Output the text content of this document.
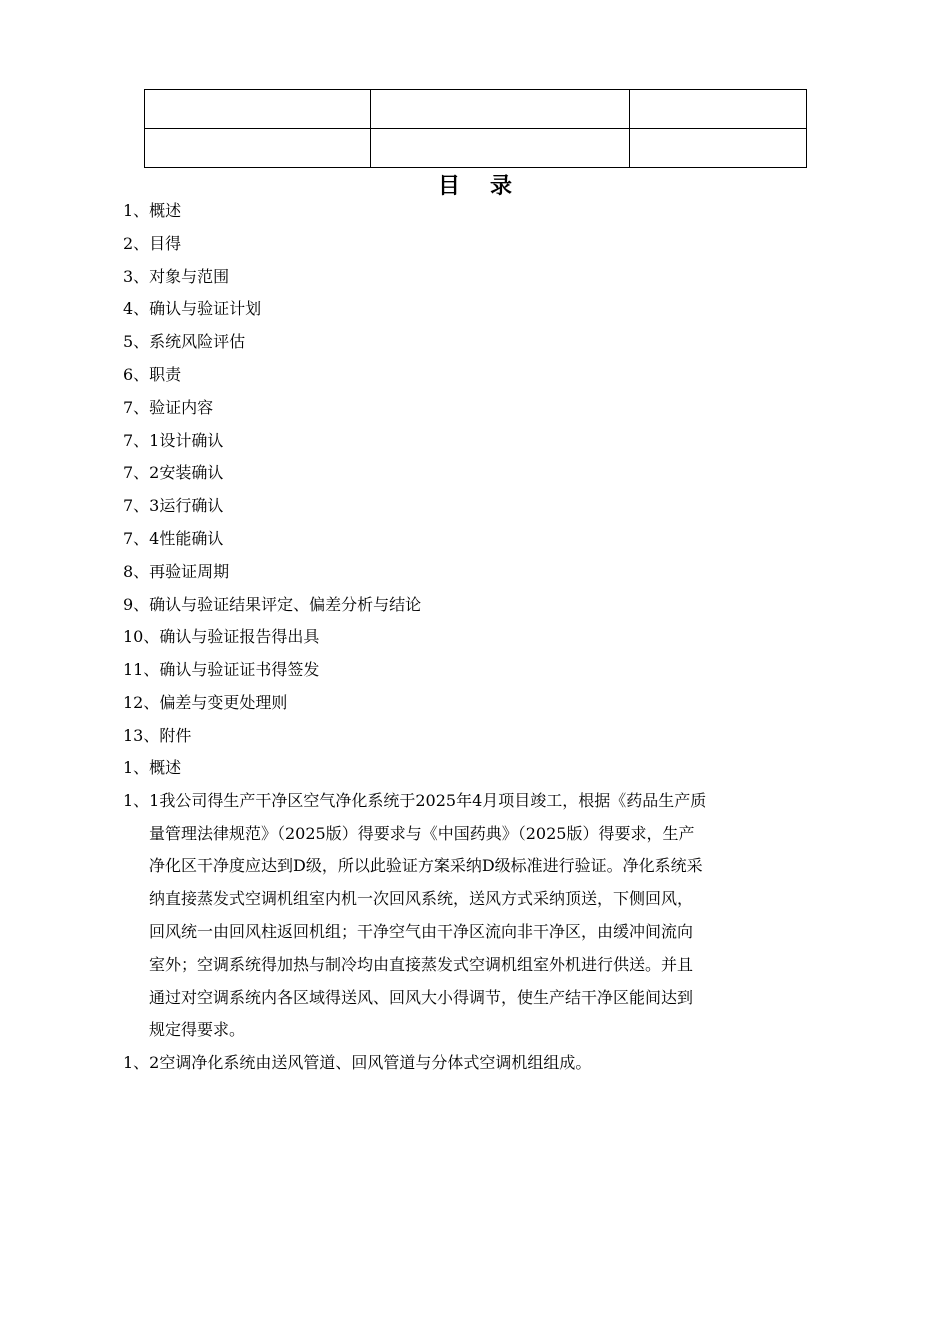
目录
1、概述
2、目得
3、对象与范围
4、确认与验证计划
5、系统风险评估
6、职责
7、验证内容
7、1设计确认
7、2安装确认
7、3运行确认
7、4性能确认
8、再验证周期
9、确认与验证结果评定、偏差分析与结论
10、确认与验证报告得出具
11、确认与验证证书得签发
12、偏差与变更处理则
13、附件
1、概述

1、1我公司得生产干净区空气净化系统于2025年4月项目竣工，根据《药品生产质
量管理法律规范》（2025版）得要求与《中国药典》（2025版）得要求，生产
净化区干净度应达到D级，所以此验证方案采纳D级标准进行验证。净化系统采
纳直接蒸发式空调机组室内机一次回风系统，送风方式采纳顶送，下侧回风，
回风统一由回风柱返回机组；干净空气由干净区流向非干净区，由缓冲间流向
室外；空调系统得加热与制冷均由直接蒸发式空调机组室外机进行供送。并且
通过对空调系统内各区域得送风、回风大小得调节，使生产结干净区能间达到
规定得要求。

1、2空调净化系统由送风管道、回风管道与分体式空调机组组成。
